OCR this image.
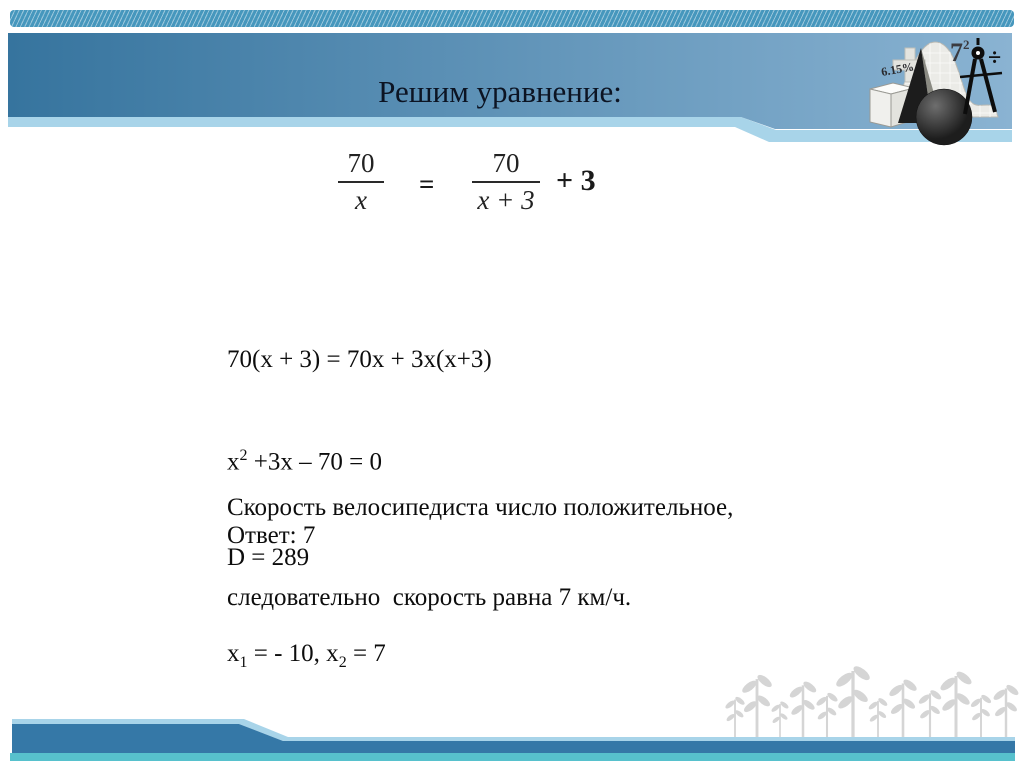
Решим уравнение:
$7^2$
6.15%	÷
$\frac{70}{x} = \frac{70}{x + 3} + 3$

70(x + 3) = 70x + 3x(x+3)

$x^2 +3x - 70 = 0$

D = 289

$x_1$ = - 10, $x_2 = 7$

Скорость велосипедиста число положительное,

следовательно  скорость равна 7 км/ч.

Ответ: 7
